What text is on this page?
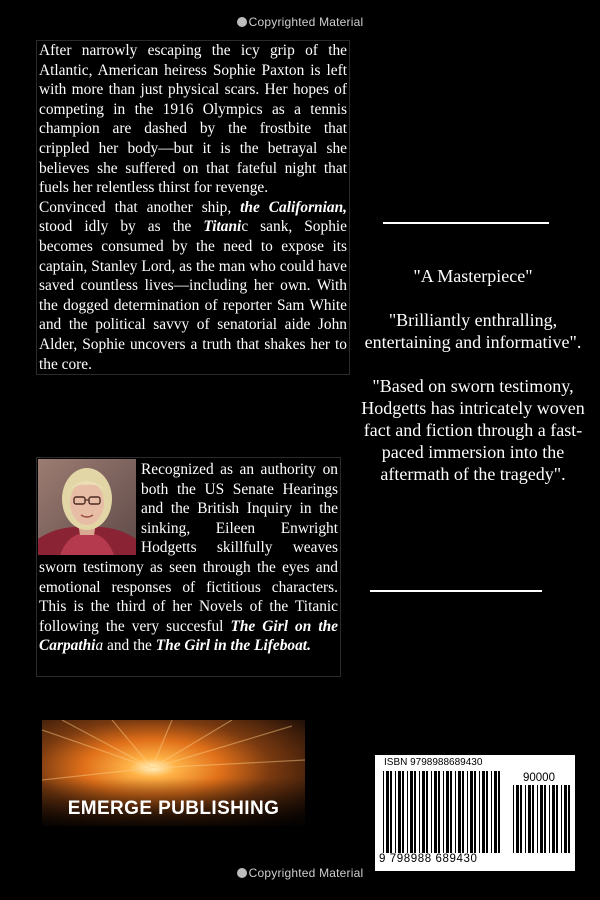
Copyrighted Material

After narrowly escaping the icy grip of the Atlantic, American heiress Sophie Paxton is left with more than just physical scars. Her hopes of competing in the 1916 Olympics as a tennis champion are dashed by the frostbite that crippled her body—but it is the betrayal she believes she suffered on that fateful night that fuels her relentless thirst for revenge.

Convinced that another ship, the Californian, stood idly by as the Titanic sank, Sophie becomes consumed by the need to expose its captain, Stanley Lord, as the man who could have saved countless lives—including her own. With the dogged determination of reporter Sam White and the political savvy of senatorial aide John Alder, Sophie uncovers a truth that shakes her to the core.

Recognized as an authority on both the US Senate Hearings and the British Inquiry in the sinking, Eileen Enwright Hodgetts skillfully weaves sworn testimony as seen through the eyes and emotional responses of fictitious characters. This is the third of her Novels of the Titanic following the very succesful The Girl on the Carpathia and the The Girl in the Lifeboat.

"A Masterpiece"

"Brilliantly enthralling, entertaining and informative".

"Based on sworn testimony, Hodgetts has intricately woven fact and fiction through a fast-paced immersion into the aftermath of the tragedy".

EMERGE PUBLISHING
ISBN 9798988689430
90000
9 798988 689430
Copyrighted Material
